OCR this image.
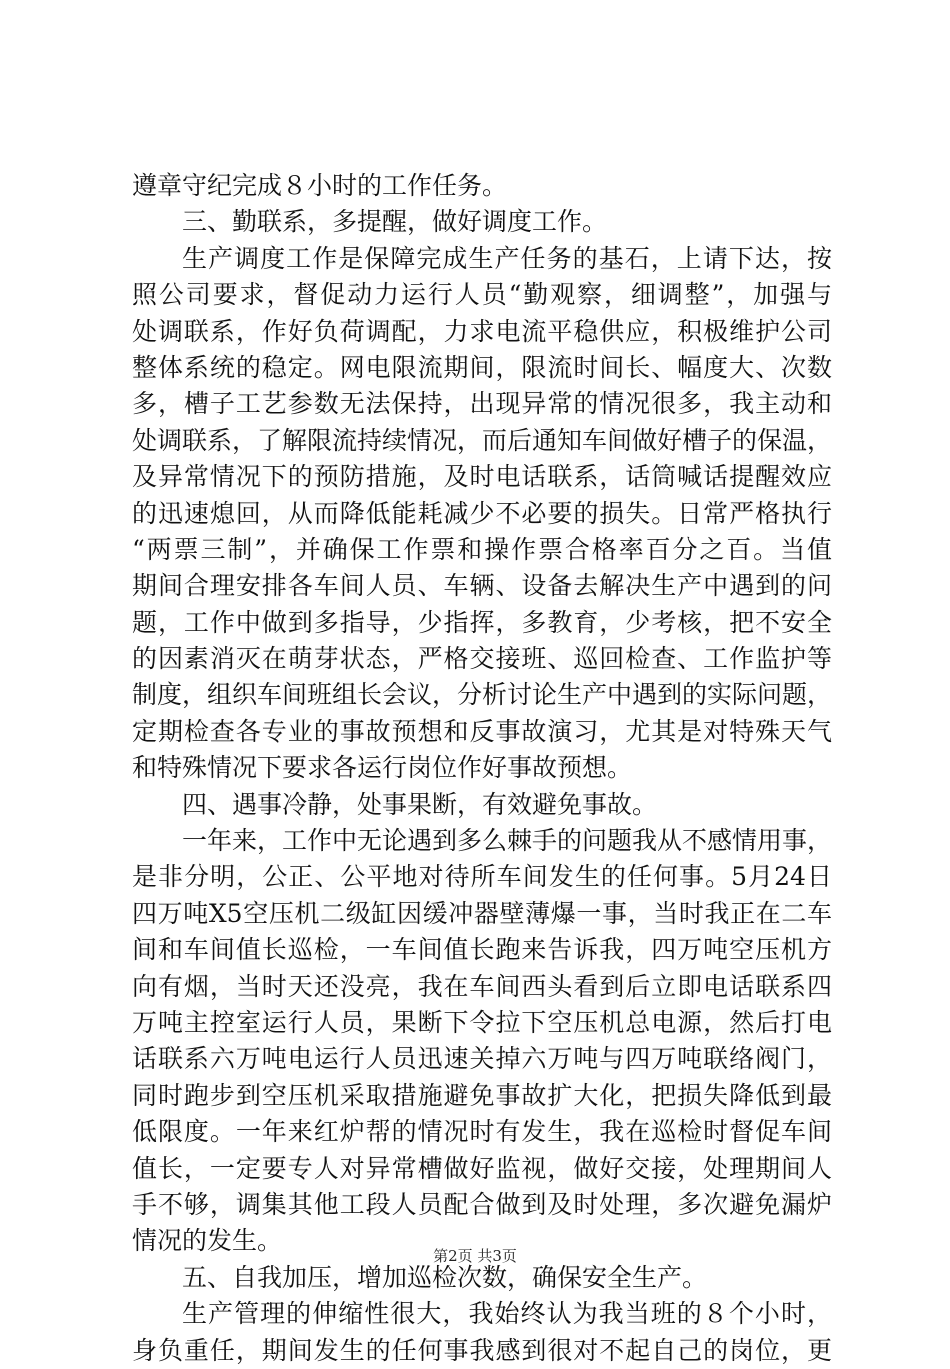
遵章守纪完成８小时的工作任务。
三、勤联系，多提醒，做好调度工作。
生产调度工作是保障完成生产任务的基石，上请下达，按
照公司要求，督促动力运行人员“勤观察，细调整”，加强与
处调联系，作好负荷调配，力求电流平稳供应，积极维护公司
整体系统的稳定。网电限流期间，限流时间长、幅度大、次数
多，槽子工艺参数无法保持，出现异常的情况很多，我主动和
处调联系，了解限流持续情况，而后通知车间做好槽子的保温，
及异常情况下的预防措施，及时电话联系，话筒喊话提醒效应
的迅速熄回，从而降低能耗减少不必要的损失。日常严格执行
“两票三制”，并确保工作票和操作票合格率百分之百。当值
期间合理安排各车间人员、车辆、设备去解决生产中遇到的问
题，工作中做到多指导，少指挥，多教育，少考核，把不安全
的因素消灭在萌芽状态，严格交接班、巡回检查、工作监护等
制度，组织车间班组长会议，分析讨论生产中遇到的实际问题，
定期检查各专业的事故预想和反事故演习，尤其是对特殊天气
和特殊情况下要求各运行岗位作好事故预想。
四、遇事冷静，处事果断，有效避免事故。
一年来，工作中无论遇到多么棘手的问题我从不感情用事，
是非分明，公正、公平地对待所车间发生的任何事。5月24日
四万吨X5空压机二级缸因缓冲器壁薄爆一事，当时我正在二车
间和车间值长巡检，一车间值长跑来告诉我，四万吨空压机方
向有烟，当时天还没亮，我在车间西头看到后立即电话联系四
万吨主控室运行人员，果断下令拉下空压机总电源，然后打电
话联系六万吨电运行人员迅速关掉六万吨与四万吨联络阀门，
同时跑步到空压机采取措施避免事故扩大化，把损失降低到最
低限度。一年来红炉帮的情况时有发生，我在巡检时督促车间
值长，一定要专人对异常槽做好监视，做好交接，处理期间人
手不够，调集其他工段人员配合做到及时处理，多次避免漏炉
情况的发生。
五、自我加压，增加巡检次数，确保安全生产。
生产管理的伸缩性很大，我始终认为我当班的８个小时，
身负重任，期间发生的任何事我感到很对不起自己的岗位，更
第2页 共3页
